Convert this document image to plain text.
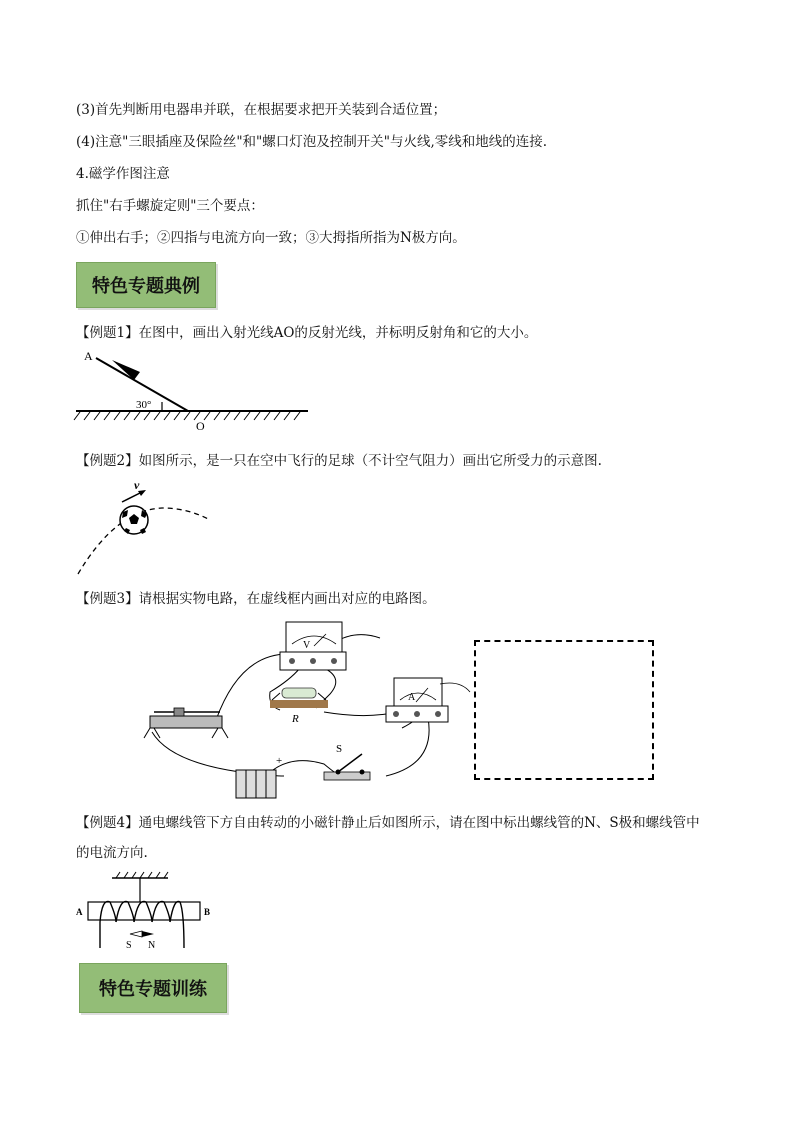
(3)首先判断用电器串并联，在根据要求把开关装到合适位置；
(4)注意"三眼插座及保险丝"和"螺口灯泡及控制开关"与火线,零线和地线的连接.
4.磁学作图注意
抓住"右手螺旋定则"三个要点：
①伸出右手；②四指与电流方向一致；③大拇指所指为N极方向。
特色专题典例
【例题1】在图中，画出入射光线AO的反射光线，并标明反射角和它的大小。
A
30°
O
【例题2】如图所示，是一只在空中飞行的足球（不计空气阻力）画出它所受力的示意图.
v
【例题3】请根据实物电路，在虚线框内画出对应的电路图。
V
R
A
+
S
【例题4】通电螺线管下方自由转动的小磁针静止后如图所示，请在图中标出螺线管的N、S极和螺线管中
的电流方向.
A	B
S N
特色专题训练
